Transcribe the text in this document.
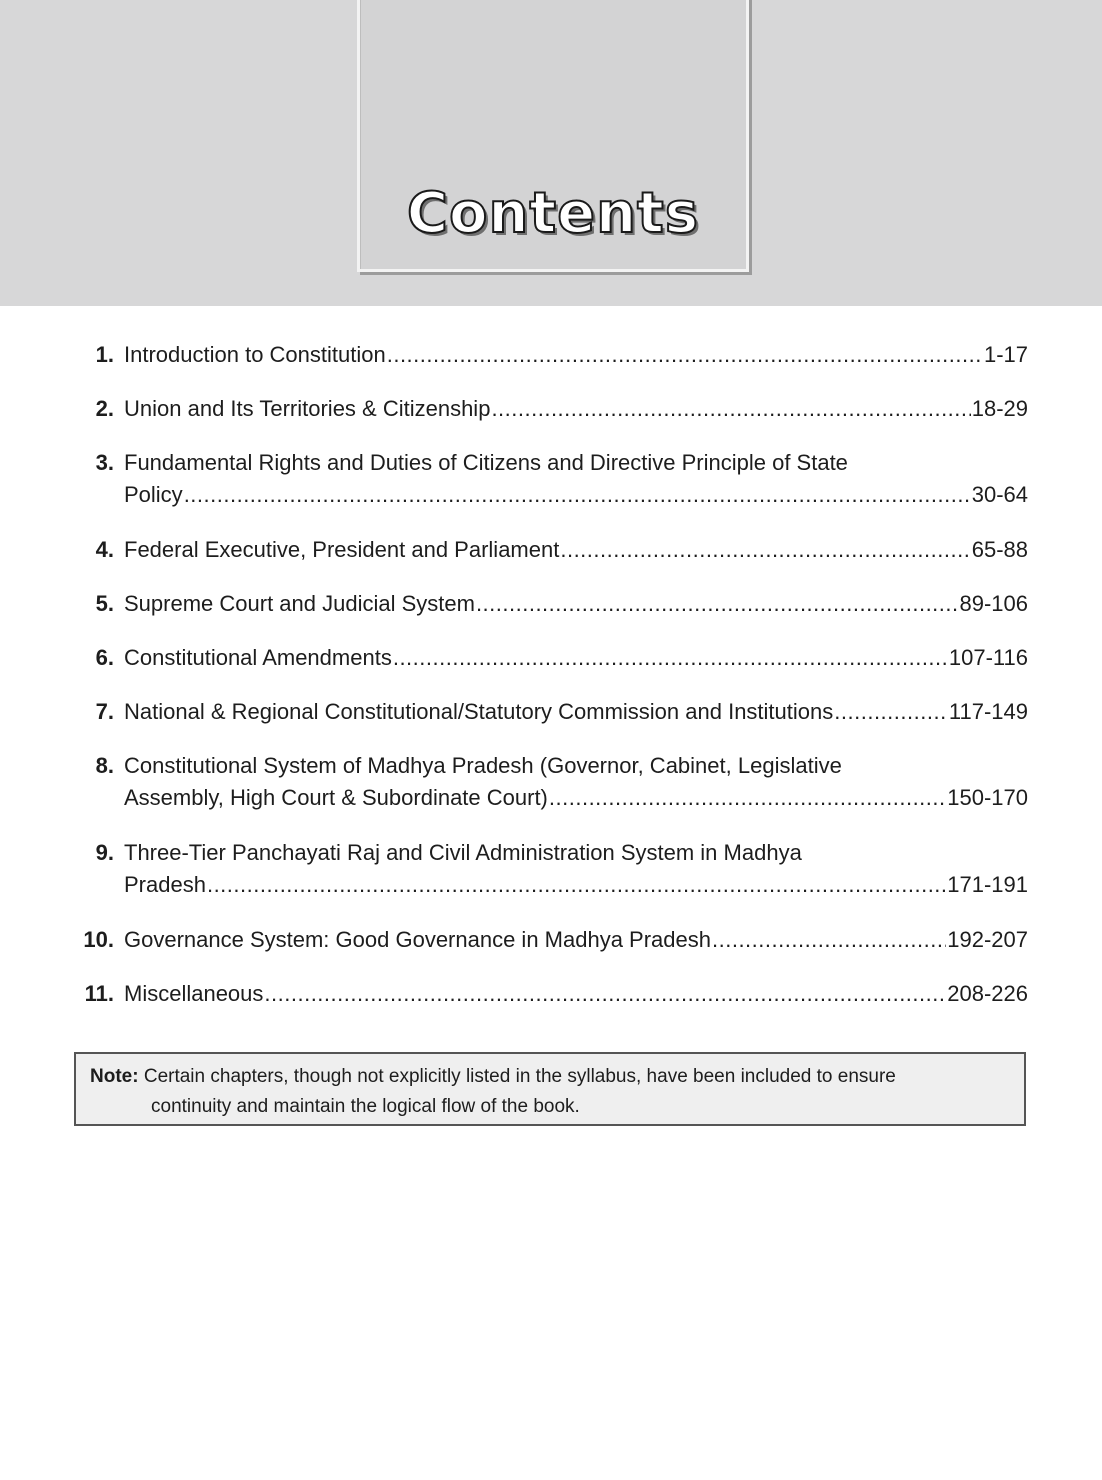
Contents
1. Introduction to Constitution .....	1-17
2. Union and Its Territories & Citizenship .....	18-29
3. Fundamental Rights and Duties of Citizens and Directive Principle of State
Policy .....	30-64
4. Federal Executive, President and Parliament .....	65-88
5. Supreme Court and Judicial System .....	89-106
6. Constitutional Amendments .....	107-116
7. National & Regional Constitutional/Statutory Commission and Institutions .....	117-149
8. Constitutional System of Madhya Pradesh (Governor, Cabinet, Legislative
Assembly, High Court & Subordinate Court) .....	150-170
9. Three-Tier Panchayati Raj and Civil Administration System in Madhya
Pradesh .....	171-191
10. Governance System: Good Governance in Madhya Pradesh .....	192-207
11. Miscellaneous .....	208-226
Note: Certain chapters, though not explicitly listed in the syllabus, have been included to ensure
continuity and maintain the logical flow of the book.
